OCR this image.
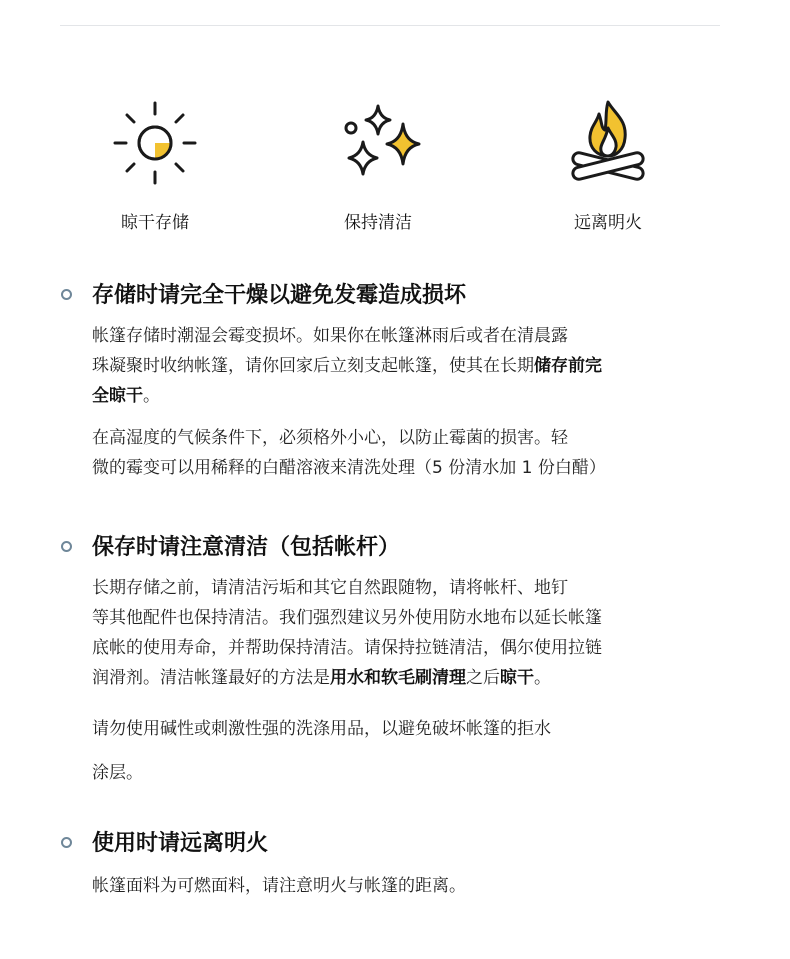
晾干存储	保持清洁	远离明火
存储时请完全干燥以避免发霉造成损坏
帐篷存储时潮湿会霉变损坏。如果你在帐篷淋雨后或者在清晨露
珠凝聚时收纳帐篷，请你回家后立刻支起帐篷，使其在长期储存前完
全晾干。
在高湿度的气候条件下，必须格外小心，以防止霉菌的损害。轻
微的霉变可以用稀释的白醋溶液来清洗处理（5 份清水加 1 份白醋）
保存时请注意清洁（包括帐杆）
长期存储之前，请清洁污垢和其它自然跟随物，请将帐杆、地钉
等其他配件也保持清洁。我们强烈建议另外使用防水地布以延长帐篷
底帐的使用寿命，并帮助保持清洁。请保持拉链清洁，偶尔使用拉链
润滑剂。清洁帐篷最好的方法是用水和软毛刷清理之后晾干。
请勿使用碱性或刺激性强的洗涤用品，以避免破坏帐篷的拒水
涂层。
使用时请远离明火
帐篷面料为可燃面料，请注意明火与帐篷的距离。
